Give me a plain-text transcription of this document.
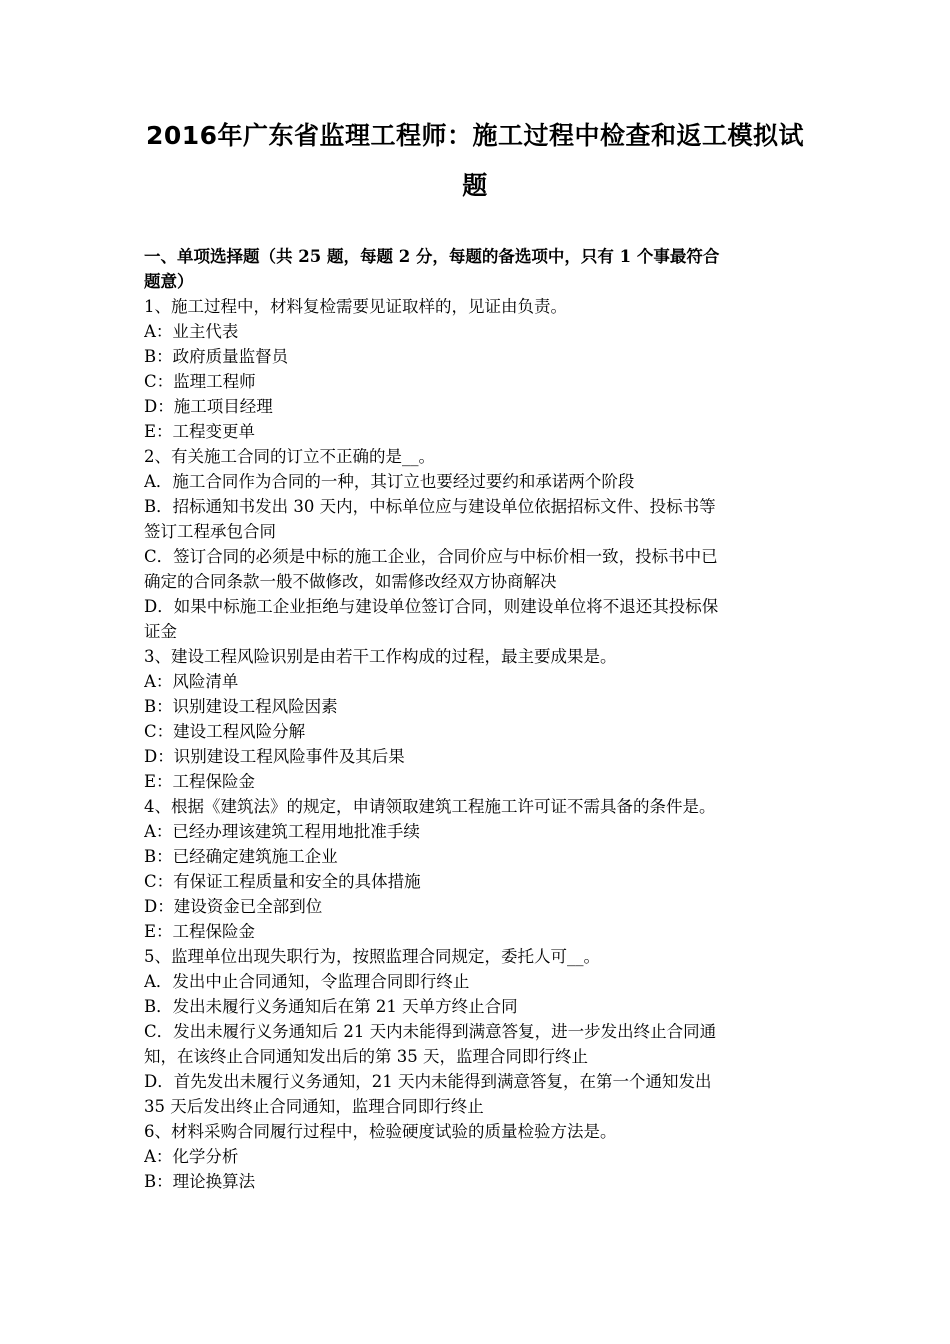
2016年广东省监理工程师：施工过程中检查和返工模拟试
题

一、单项选择题（共 25 题，每题 2 分，每题的备选项中，只有 1 个事最符合
题意）

1、施工过程中，材料复检需要见证取样的，见证由负责。

A：业主代表

B：政府质量监督员

C：监理工程师

D：施工项目经理

E：工程变更单

2、有关施工合同的订立不正确的是__。

A．施工合同作为合同的一种，其订立也要经过要约和承诺两个阶段

B．招标通知书发出 30 天内，中标单位应与建设单位依据招标文件、投标书等

签订工程承包合同

C．签订合同的必须是中标的施工企业，合同价应与中标价相一致，投标书中已

确定的合同条款一般不做修改，如需修改经双方协商解决

D．如果中标施工企业拒绝与建设单位签订合同，则建设单位将不退还其投标保

证金

3、建设工程风险识别是由若干工作构成的过程，最主要成果是。

A：风险清单

B：识别建设工程风险因素

C：建设工程风险分解

D：识别建设工程风险事件及其后果

E：工程保险金

4、根据《建筑法》的规定，申请领取建筑工程施工许可证不需具备的条件是。

A：已经办理该建筑工程用地批准手续

B：已经确定建筑施工企业

C：有保证工程质量和安全的具体措施

D：建设资金已全部到位

E：工程保险金

5、监理单位出现失职行为，按照监理合同规定，委托人可__。

A．发出中止合同通知，令监理合同即行终止

B．发出未履行义务通知后在第 21 天单方终止合同

C．发出未履行义务通知后 21 天内未能得到满意答复，进一步发出终止合同通

知，在该终止合同通知发出后的第 35 天，监理合同即行终止

D．首先发出未履行义务通知，21 天内未能得到满意答复，在第一个通知发出

35 天后发出终止合同通知，监理合同即行终止

6、材料采购合同履行过程中，检验硬度试验的质量检验方法是。

A：化学分析

B：理论换算法
